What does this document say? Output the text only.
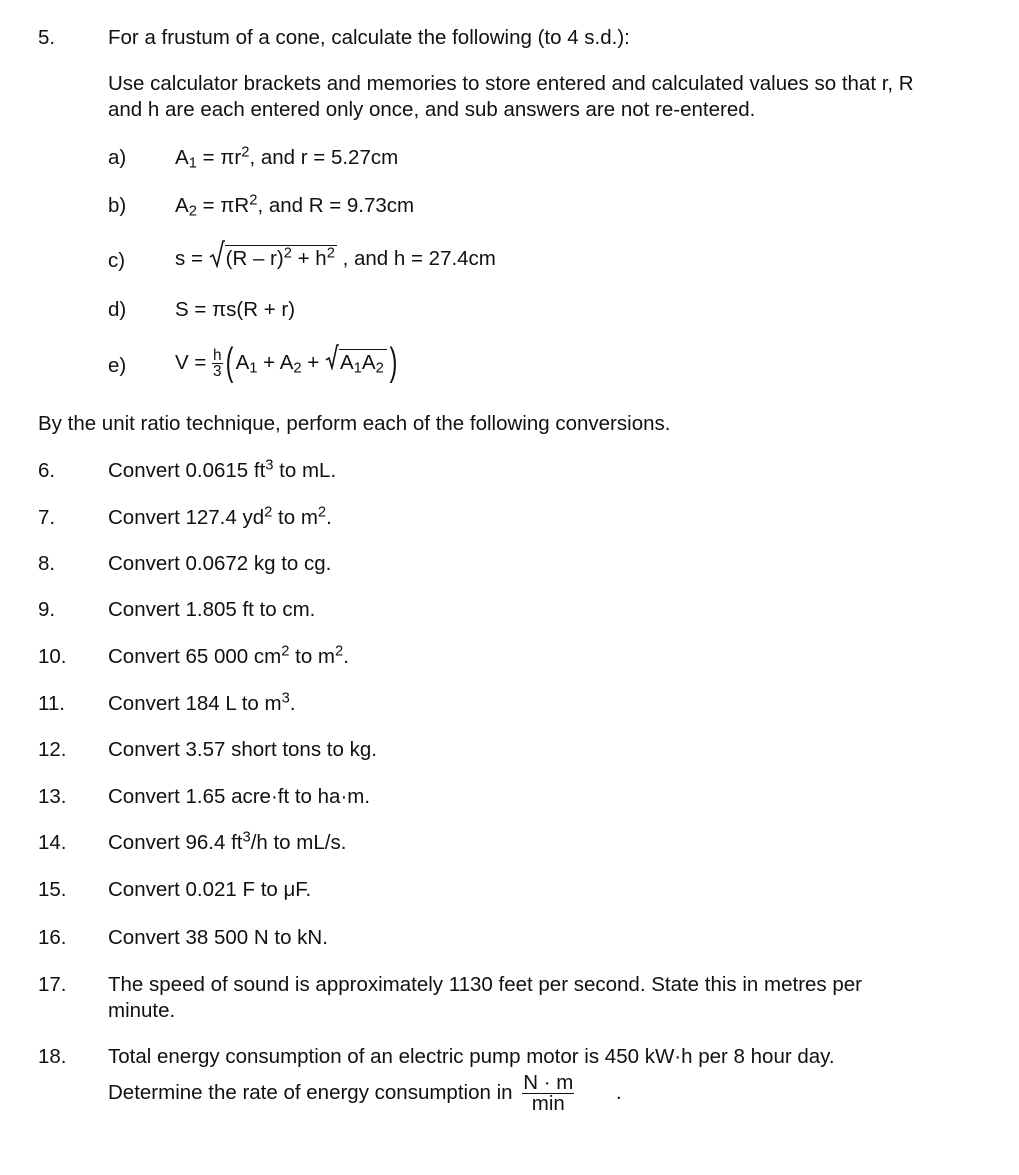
5.	For a frustum of a cone, calculate the following (to 4 s.d.):
Use calculator brackets and memories to store entered and calculated values so that r, R
and h are each entered only once, and sub answers are not re-entered.
a) $A_1 = \pi r^2$, and r = 5.27cm
b) $A_2 = \pi R^2$, and R = 9.73cm
c) $s = (R - r)^2 + h^2$ , and h = 27.4cm
d) S = πs(R + r)
e) $V = \frac{h}{3}$ ( $A_1 + A_2 + A_1A_2$ )
By the unit ratio technique, perform each of the following conversions.
6.	Convert 0.0615 $ft^3$ to mL.
7.	Convert 127.4 $yd^2$ to $m^2$.
8.	Convert 0.0672 kg to cg.
9.	Convert 1.805 ft to cm.
10. Convert 65 000 $cm^2$ to $m^2$.
11. Convert 184 L to $m^3$.
12. Convert 3.57 short tons to kg.
13. Convert 1.65 acre·ft to ha·m.
14. Convert 96.4 $ft^3/h$ to mL/s.
15. Convert 0.021 F to μF.
16. Convert 38 500 N to kN.
17. The speed of sound is approximately 1130 feet per second. State this in metres per
minute.
18. Total energy consumption of an electric pump motor is 450 kW·h per 8 hour day.
Determine the rate of energy consumption in $\frac{N \cdot m}{\min}$ .
